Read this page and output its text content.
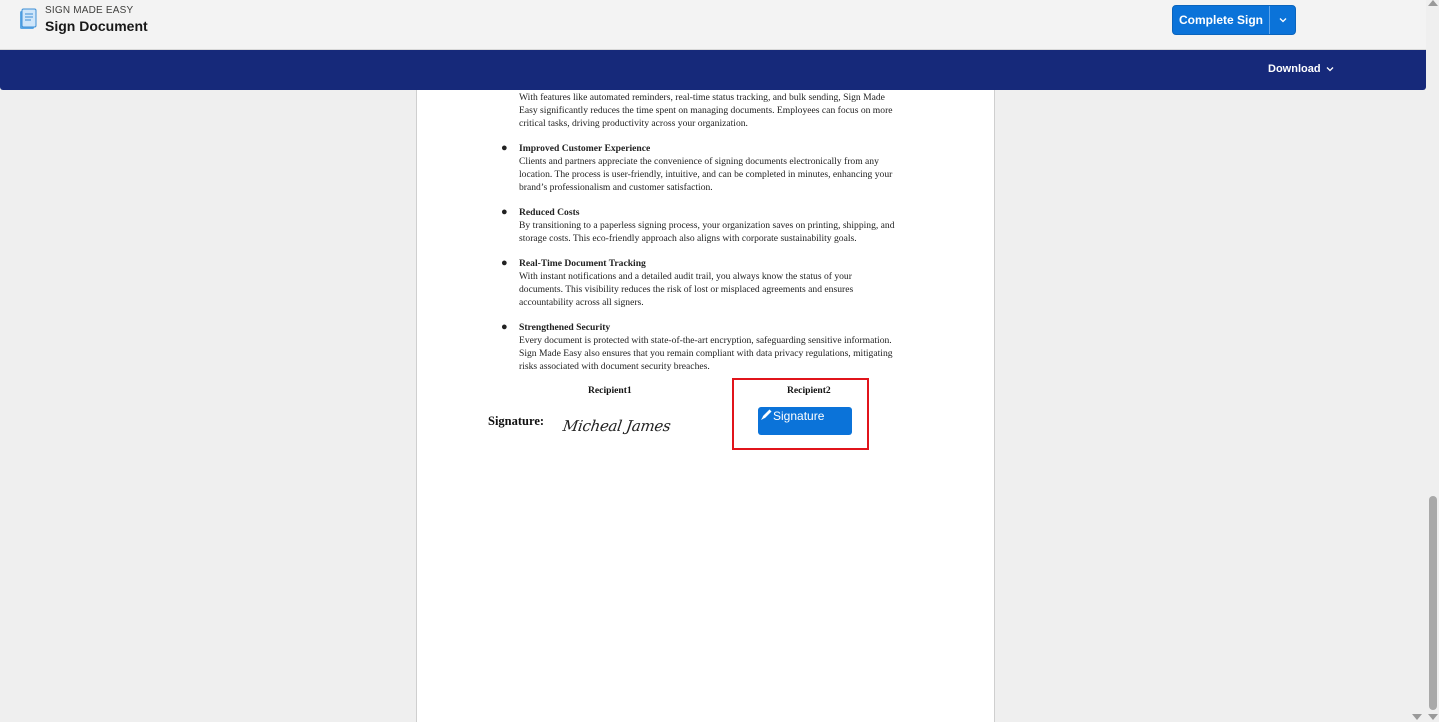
SIGN MADE EASY
Sign Document	Complete Sign
Download
With features like automated reminders, real-time status tracking, and bulk sending, Sign Made
Easy significantly reduces the time spent on managing documents. Employees can focus on more
critical tasks, driving productivity across your organization.
● Improved Customer Experience
Clients and partners appreciate the convenience of signing documents electronically from any
location. The process is user-friendly, intuitive, and can be completed in minutes, enhancing your
brand’s professionalism and customer satisfaction.
● Reduced Costs
By transitioning to a paperless signing process, your organization saves on printing, shipping, and
storage costs. This eco-friendly approach also aligns with corporate sustainability goals.
● Real-Time Document Tracking
With instant notifications and a detailed audit trail, you always know the status of your
documents. This visibility reduces the risk of lost or misplaced agreements and ensures
accountability across all signers.
● Strengthened Security
Every document is protected with state-of-the-art encryption, safeguarding sensitive information.
Sign Made Easy also ensures that you remain compliant with data privacy regulations, mitigating
risks associated with document security breaches.
Recipient1	Recipient2
Signature: Micheal James
Signature
